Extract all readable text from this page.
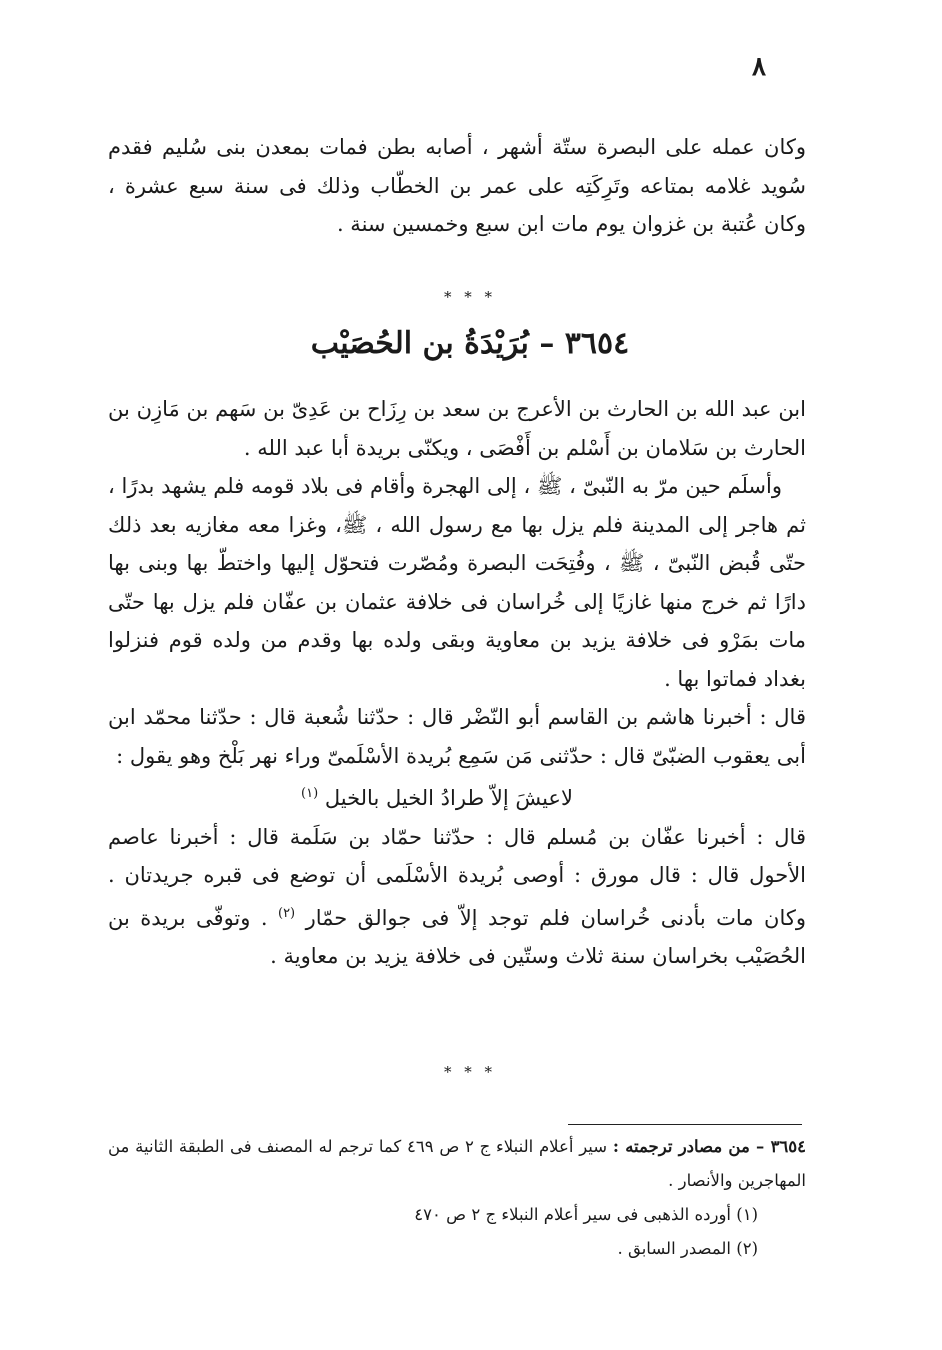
٨

وكان عمله على البصرة ستّة أشهر ، أصابه بطن فمات بمعدن بنى سُليم فقدم سُويد غلامه بمتاعه وتَرِكَتِه على عمر بن الخطّاب وذلك فى سنة سبع عشرة ، وكان عُتبة بن غزوان يوم مات ابن سبع وخمسين سنة .

* * *
٣٦٥٤ – بُرَيْدَةُ بن الحُصَيْب

ابن عبد الله بن الحارث بن الأعرج بن سعد بن رِزَاح بن عَدِىّ بن سَهم بن مَازِن بن الحارث بن سَلامان بن أَسْلم بن أَفْصَى ، ويكنّى بريدة أبا عبد الله .

وأسلَم حين مرّ به النّبىّ ، ﷺ ، إلى الهجرة وأقام فى بلاد قومه فلم يشهد بدرًا ، ثم هاجر إلى المدينة فلم يزل بها مع رسول الله ، ﷺ، وغزا معه مغازيه بعد ذلك حتّى قُبض النّبىّ ، ﷺ ، وفُتِحَت البصرة ومُصّرت فتحوّل إليها واختطّ بها وبنى بها دارًا ثم خرج منها غازيًا إلى خُراسان فى خلافة عثمان بن عفّان فلم يزل بها حتّى مات بمَرْو فى خلافة يزيد بن معاوية وبقى ولده بها وقدم من ولده قوم فنزلوا بغداد فماتوا بها .

قال : أخبرنا هاشم بن القاسم أبو النّضْر قال : حدّثنا شُعبة قال : حدّثنا محمّد ابن أبى يعقوب الضبّىّ قال : حدّثنى مَن سَمِع بُريدة الأسْلَمىّ وراء نهر بَلْخ وهو يقول :

لاعيشَ إلاّ طرادُ الخيل بالخيل $^{(١)}$

قال : أخبرنا عفّان بن مُسلم قال : حدّثنا حمّاد بن سَلَمة قال : أخبرنا عاصم الأحول قال : قال مورق : أوصى بُريدة الأسْلَمى أن توضع فى قبره جريدتان . وكان مات بأدنى خُراسان فلم توجد إلاّ فى جوالق حمّار $^{(٢)}$ . وتوفّى بريدة بن الحُصَيْب بخراسان سنة ثلاث وستّين فى خلافة يزيد بن معاوية .

* * *

٣٦٥٤ – من مصادر ترجمته : سير أعلام النبلاء ج ٢ ص ٤٦٩ كما ترجم له المصنف فى الطبقة الثانية من المهاجرين والأنصار .

(١) أورده الذهبى فى سير أعلام النبلاء ج ٢ ص ٤٧٠

(٢) المصدر السابق .
